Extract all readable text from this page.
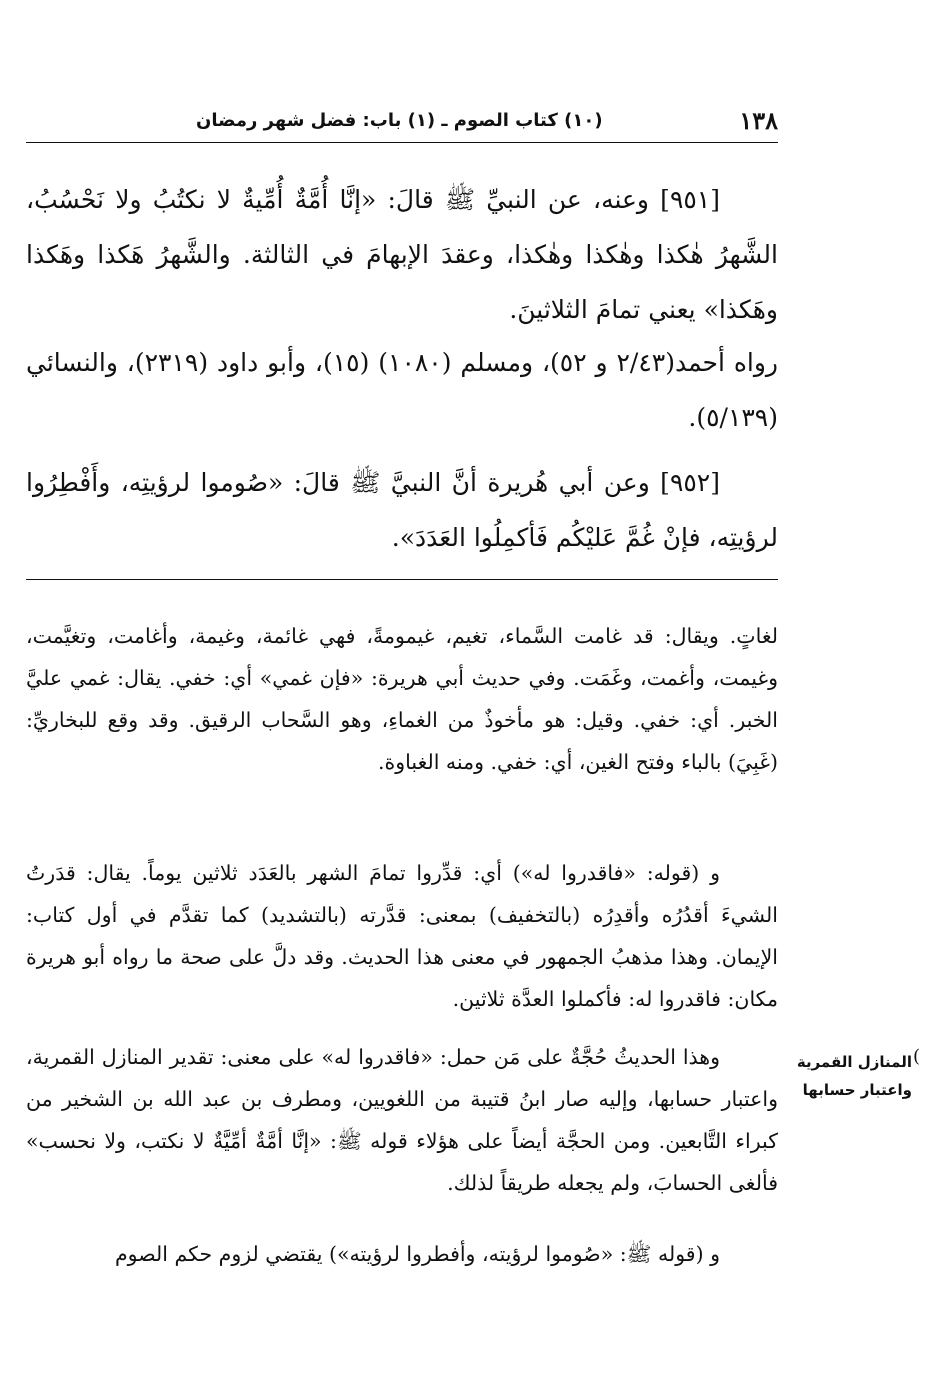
١٣٨
(١٠) كتاب الصوم ـ (١) باب: فضل شهر رمضان

[٩٥١] وعنه، عن النبيِّ ﷺ قالَ: «إنَّا أُمَّةٌ أُمِّيةٌ لا نكتُبُ ولا نَحْسُبُ، الشَّهرُ هٰكذا وهٰكذا وهٰكذا، وعقدَ الإبهامَ في الثالثة. والشَّهرُ هَكذا وهَكذا وهَكذا» يعني تمامَ الثلاثينَ.

رواه أحمد(٢/٤٣ و ٥٢)، ومسلم (١٠٨٠) (١٥)، وأبو داود (٢٣١٩)، والنسائي (٥/١٣٩).

[٩٥٢] وعن أبي هُريرة أنَّ النبيَّ ﷺ قالَ: «صُوموا لرؤيتِه، وأَفْطِرُوا لرؤيتِه، فإنْ غُمَّ عَليْكُم فَأكمِلُوا العَدَدَ».

لغاتٍ. ويقال: قد غامت السَّماء، تغيم، غيمومةً، فهي غائمة، وغيمة، وأغامت، وتغيَّمت، وغيمت، وأغمت، وغَمَت. وفي حديث أبي هريرة: «فإن غمي» أي: خفي. يقال: غمي عليَّ الخبر. أي: خفي. وقيل: هو مأخوذٌ من الغماءِ، وهو السَّحاب الرقيق. وقد وقع للبخاريِّ: (غَبِيَ) بالباء وفتح الغين، أي: خفي. ومنه الغباوة.

و (قوله: «فاقدروا له») أي: قدِّروا تمامَ الشهر بالعَدَد ثلاثين يوماً. يقال: قدَرتُ الشيءَ أقدُرُه وأقدِرُه (بالتخفيف) بمعنى: قدَّرته (بالتشديد) كما تقدَّم في أول كتاب: الإيمان. وهذا مذهبُ الجمهور في معنى هذا الحديث. وقد دلَّ على صحة ما رواه أبو هريرة مكان: فاقدروا له: فأكملوا العدَّة ثلاثين.

وهذا الحديثُ حُجَّةٌ على مَن حمل: «فاقدروا له» على معنى: تقدير المنازل القمرية، واعتبار حسابها، وإليه صار ابنُ قتيبة من اللغويين، ومطرف بن عبد الله بن الشخير من كبراء التَّابعين. ومن الحجَّة أيضاً على هؤلاء قوله ﷺ: «إنَّا أمَّةٌ أمِّيَّةٌ لا نكتب، ولا نحسب» فألغى الحسابَ، ولم يجعله طريقاً لذلك.

و (قوله ﷺ: «صُوموا لرؤيته، وأفطروا لرؤيته») يقتضي لزوم حكم الصوم

المنازل القمرية
واعتبار حسابها
(
